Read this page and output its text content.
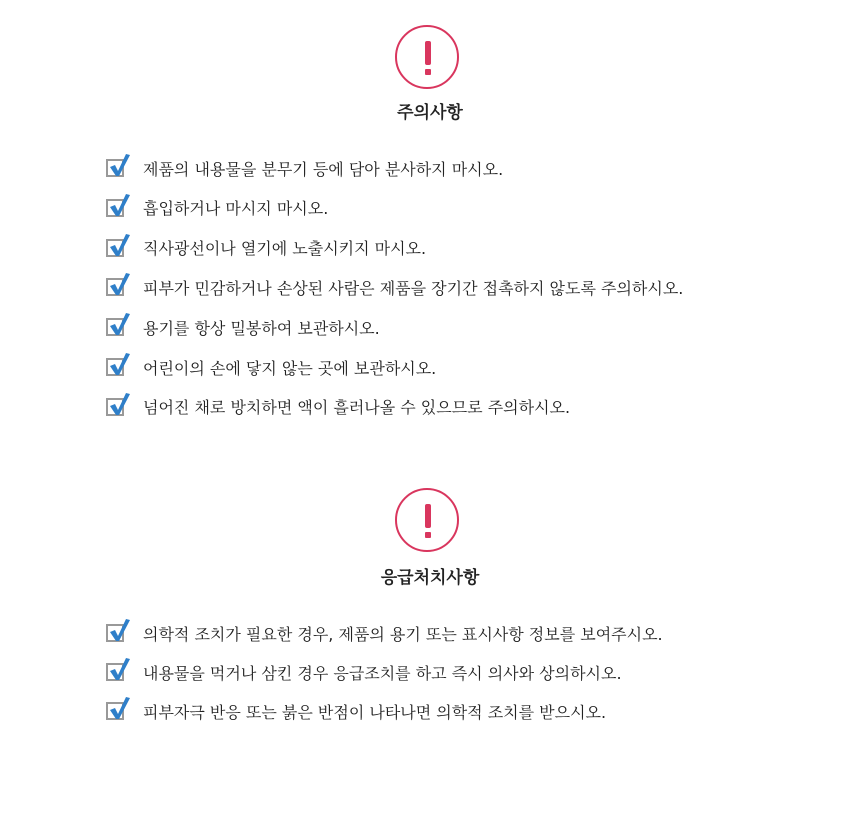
주의사항
제품의 내용물을 분무기 등에 담아 분사하지 마시오.
흡입하거나 마시지 마시오.
직사광선이나 열기에 노출시키지 마시오.
피부가 민감하거나 손상된 사람은 제품을 장기간 접촉하지 않도록 주의하시오.
용기를 항상 밀봉하여 보관하시오.
어린이의 손에 닿지 않는 곳에 보관하시오.
넘어진 채로 방치하면 액이 흘러나올 수 있으므로 주의하시오.
응급처치사항
의학적 조치가 필요한 경우, 제품의 용기 또는 표시사항 정보를 보여주시오.
내용물을 먹거나 삼킨 경우 응급조치를 하고 즉시 의사와 상의하시오.
피부자극 반응 또는 붉은 반점이 나타나면 의학적 조치를 받으시오.
